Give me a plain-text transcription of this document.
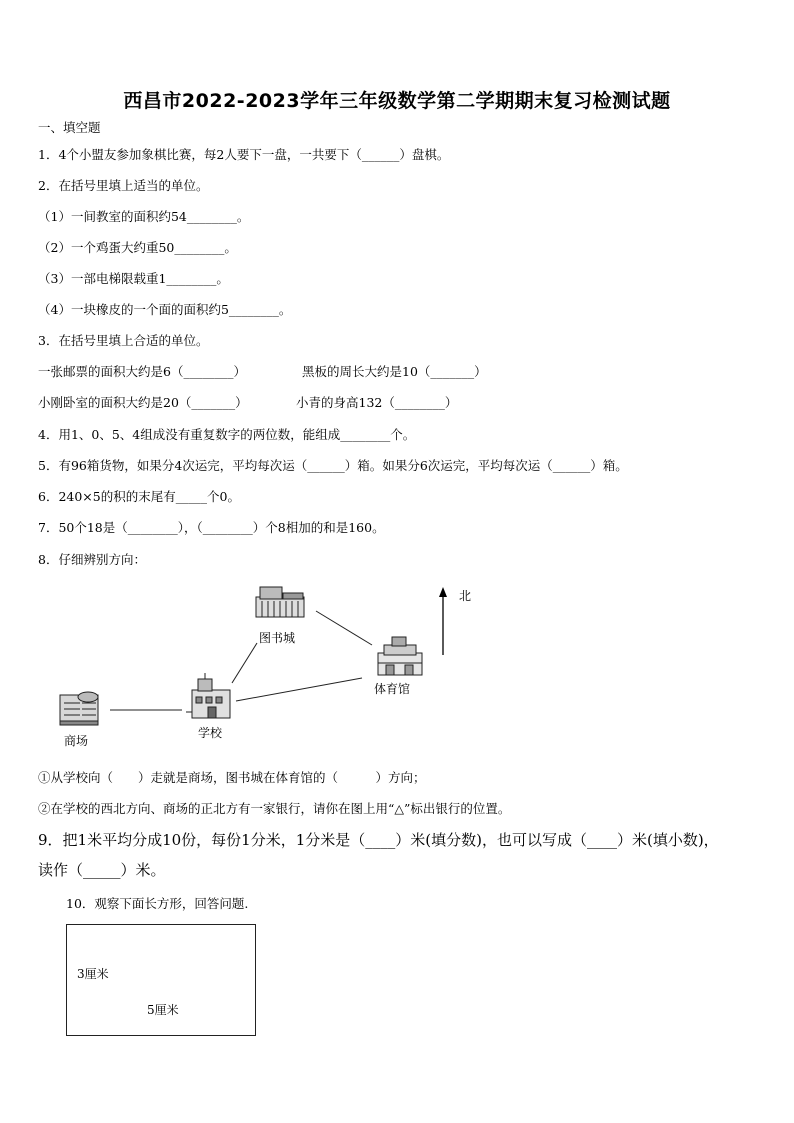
西昌市2022-2023学年三年级数学第二学期期末复习检测试题
一、填空题
1．4个小盟友参加象棋比赛，每2人要下一盘，一共要下（______）盘棋。
2．在括号里填上适当的单位。
（1）一间教室的面积约54________。
（2）一个鸡蛋大约重50________。
（3）一部电梯限载重1________。
（4）一块橡皮的一个面的面积约5________。
3．在括号里填上合适的单位。
一张邮票的面积大约是6（________）	黑板的周长大约是10（_______）
小刚卧室的面积大约是20（_______）	小青的身高132（________）
4．用1、0、5、4组成没有重复数字的两位数，能组成________个。
5．有96箱货物，如果分4次运完，平均每次运（______）箱。如果分6次运完，平均每次运（______）箱。
6．240×5的积的末尾有_____个0。
7．50个18是（________），（________）个8相加的和是160。
8．仔细辨别方向：
北
图书城
体育馆
商场
学校
①从学校向（　　）走就是商场，图书城在体育馆的（　　　）方向；
②在学校的西北方向、商场的正北方有一家银行，请你在图上用“△”标出银行的位置。
9．把1米平均分成10份，每份1分米，1分米是（____）米(填分数)，也可以写成（____）米(填小数)，
读作（_____）米。
10．观察下面长方形，回答问题.
3厘米
5厘米
